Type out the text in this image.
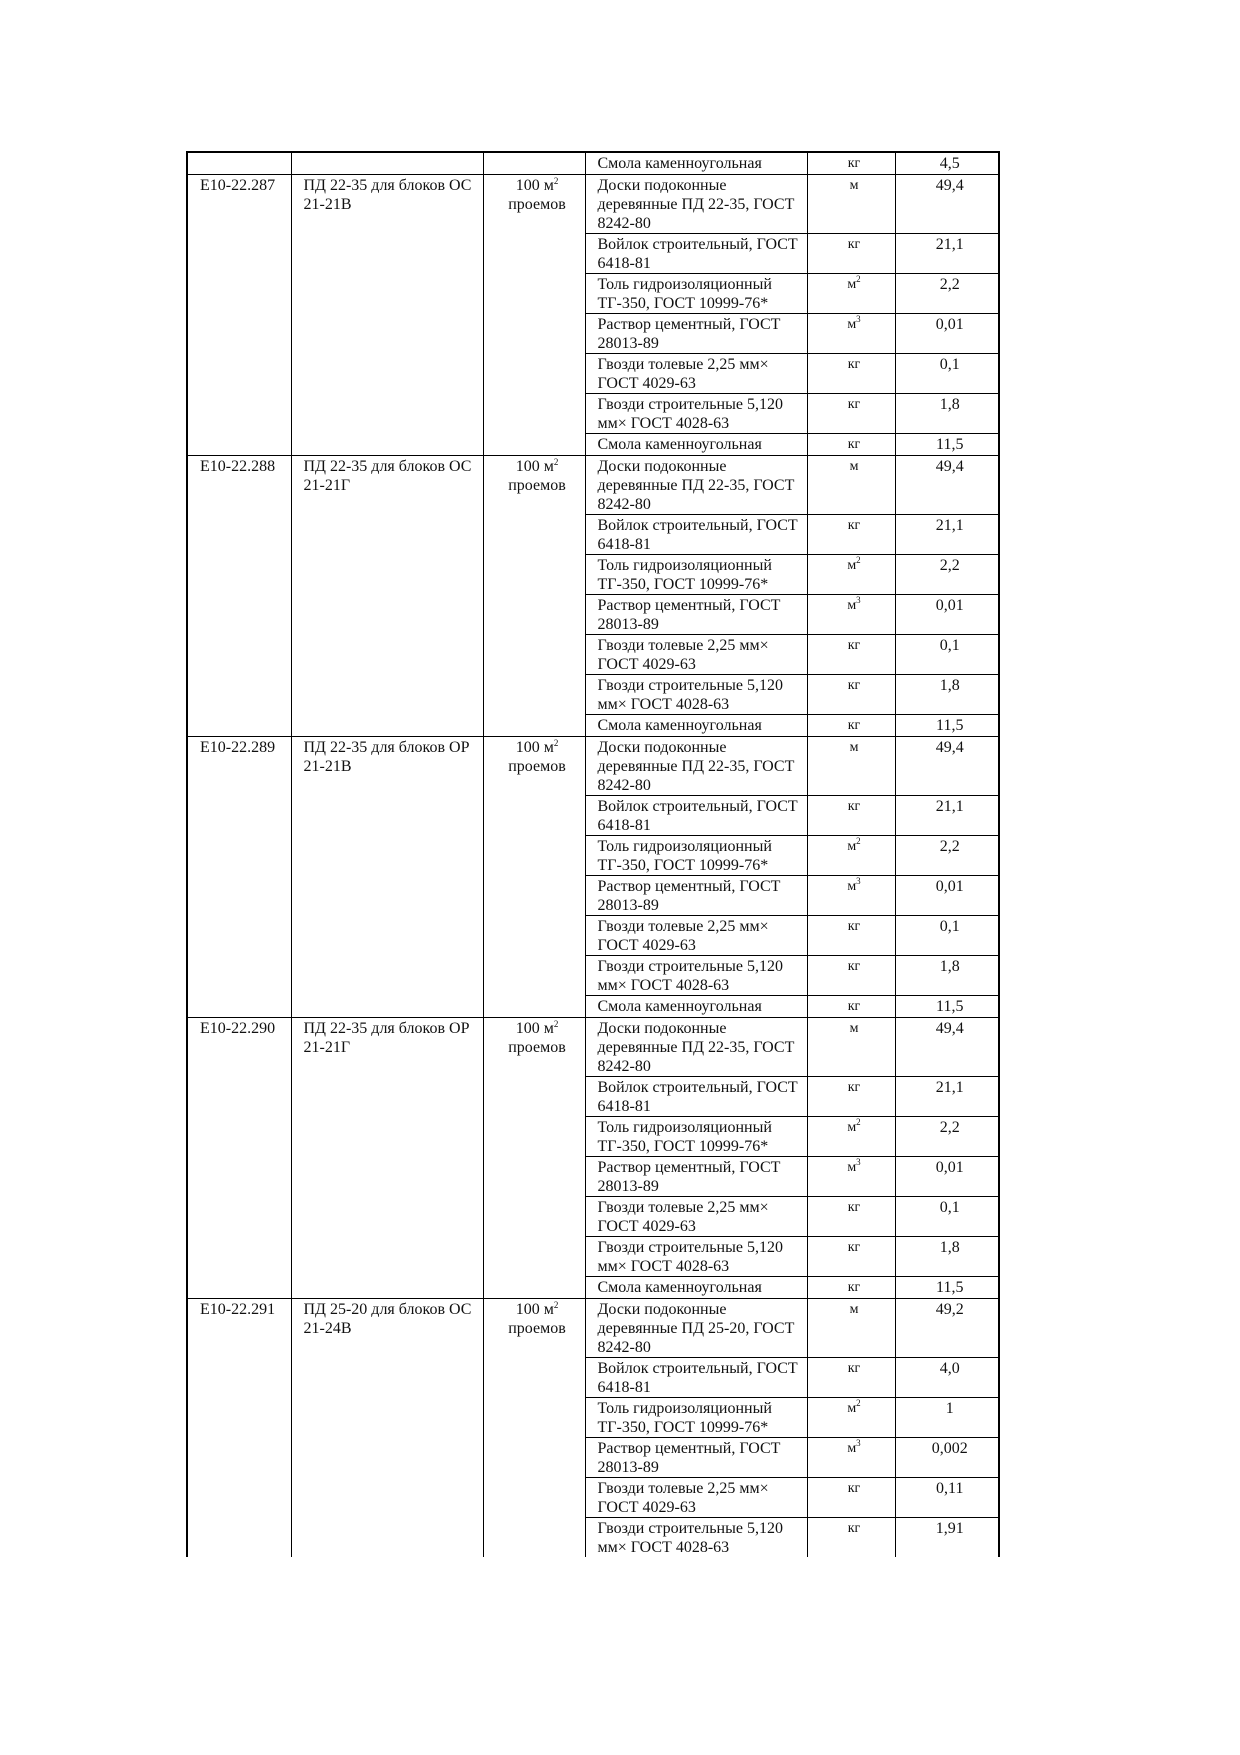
			Смола каменноугольная	кг	4,5
Е10-22.287	ПД 22-35 для блоков ОС 21-21В	100 $м^2$ проемов	Доски подоконные деревянные ПД 22-35, ГОСТ 8242-80	м	49,4
			Войлок строительный, ГОСТ 6418-81	кг	21,1
			Толь гидроизоляционный ТГ-350, ГОСТ 10999-76*	$м^2$	2,2
			Раствор цементный, ГОСТ 28013-89	$м^3$	0,01
			Гвозди толевые 2,25 мм× ГОСТ 4029-63	кг	0,1
			Гвозди строительные 5,120 мм× ГОСТ 4028-63	кг	1,8
			Смола каменноугольная	кг	11,5
Е10-22.288	ПД 22-35 для блоков ОС 21-21Г	100 $м^2$ проемов	Доски подоконные деревянные ПД 22-35, ГОСТ 8242-80	м	49,4
			Войлок строительный, ГОСТ 6418-81	кг	21,1
			Толь гидроизоляционный ТГ-350, ГОСТ 10999-76*	$м^2$	2,2
			Раствор цементный, ГОСТ 28013-89	$м^3$	0,01
			Гвозди толевые 2,25 мм× ГОСТ 4029-63	кг	0,1
			Гвозди строительные 5,120 мм× ГОСТ 4028-63	кг	1,8
			Смола каменноугольная	кг	11,5
Е10-22.289	ПД 22-35 для блоков ОР 21-21В	100 $м^2$ проемов	Доски подоконные деревянные ПД 22-35, ГОСТ 8242-80	м	49,4
			Войлок строительный, ГОСТ 6418-81	кг	21,1
			Толь гидроизоляционный ТГ-350, ГОСТ 10999-76*	$м^2$	2,2
			Раствор цементный, ГОСТ 28013-89	$м^3$	0,01
			Гвозди толевые 2,25 мм× ГОСТ 4029-63	кг	0,1
			Гвозди строительные 5,120 мм× ГОСТ 4028-63	кг	1,8
			Смола каменноугольная	кг	11,5
Е10-22.290	ПД 22-35 для блоков ОР 21-21Г	100 $м^2$ проемов	Доски подоконные деревянные ПД 22-35, ГОСТ 8242-80	м	49,4
			Войлок строительный, ГОСТ 6418-81	кг	21,1
			Толь гидроизоляционный ТГ-350, ГОСТ 10999-76*	$м^2$	2,2
			Раствор цементный, ГОСТ 28013-89	$м^3$	0,01
			Гвозди толевые 2,25 мм× ГОСТ 4029-63	кг	0,1
			Гвозди строительные 5,120 мм× ГОСТ 4028-63	кг	1,8
			Смола каменноугольная	кг	11,5
Е10-22.291	ПД 25-20 для блоков ОС 21-24В	100 $м^2$ проемов	Доски подоконные деревянные ПД 25-20, ГОСТ 8242-80	м	49,2
			Войлок строительный, ГОСТ 6418-81	кг	4,0
			Толь гидроизоляционный ТГ-350, ГОСТ 10999-76*	$м^2$	1
			Раствор цементный, ГОСТ 28013-89	$м^3$	0,002
			Гвозди толевые 2,25 мм× ГОСТ 4029-63	кг	0,11
			Гвозди строительные 5,120 мм× ГОСТ 4028-63	кг	1,91
